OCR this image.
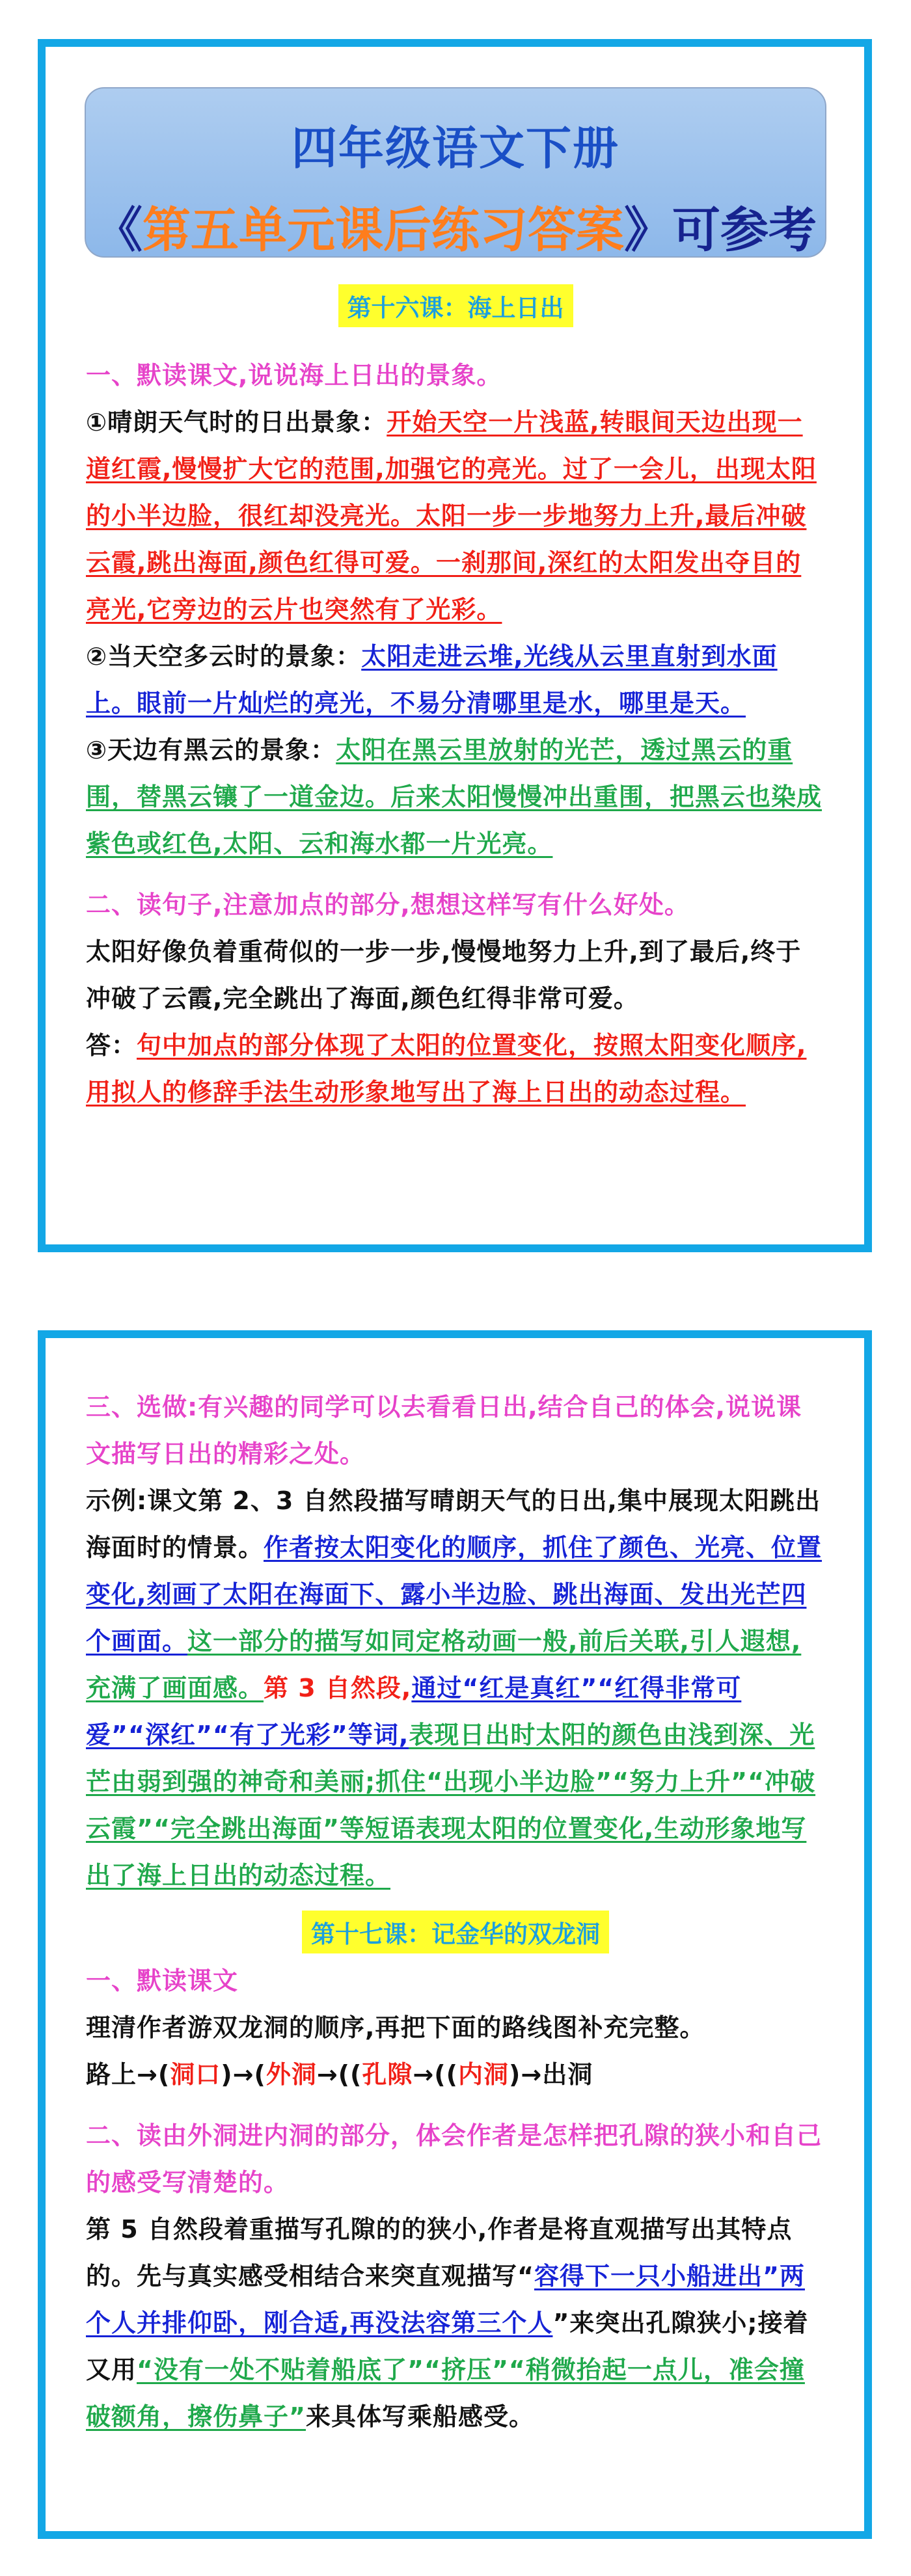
四年级语文下册
《第五单元课后练习答案》可参考
第十六课：海上日出
一、默读课文,说说海上日出的景象。
①晴朗天气时的日出景象：开始天空一片浅蓝,转眼间天边出现一道红霞,慢慢扩大它的范围,加强它的亮光。过了一会儿，出现太阳的小半边脸，很红却没亮光。太阳一步一步地努力上升,最后冲破云霞,跳出海面,颜色红得可爱。一刹那间,深红的太阳发出夺目的亮光,它旁边的云片也突然有了光彩。
②当天空多云时的景象：太阳走进云堆,光线从云里直射到水面上。眼前一片灿烂的亮光，不易分清哪里是水，哪里是天。
③天边有黑云的景象：太阳在黑云里放射的光芒，透过黑云的重围，替黑云镶了一道金边。后来太阳慢慢冲出重围，把黑云也染成紫色或红色,太阳、云和海水都一片光亮。
二、读句子,注意加点的部分,想想这样写有什么好处。
太阳好像负着重荷似的一步一步,慢慢地努力上升,到了最后,终于冲破了云霞,完全跳出了海面,颜色红得非常可爱。
答：句中加点的部分体现了太阳的位置变化，按照太阳变化顺序,用拟人的修辞手法生动形象地写出了海上日出的动态过程。
三、选做:有兴趣的同学可以去看看日出,结合自己的体会,说说课文描写日出的精彩之处。
示例:课文第 2、3 自然段描写晴朗天气的日出,集中展现太阳跳出海面时的情景。作者按太阳变化的顺序，抓住了颜色、光亮、位置变化,刻画了太阳在海面下、露小半边脸、跳出海面、发出光芒四个画面。这一部分的描写如同定格动画一般,前后关联,引人遐想,充满了画面感。第 3 自然段,通过“红是真红”“红得非常可爱”“深红”“有了光彩”等词,表现日出时太阳的颜色由浅到深、光芒由弱到强的神奇和美丽;抓住“出现小半边脸”“努力上升”“冲破云霞”“完全跳出海面”等短语表现太阳的位置变化,生动形象地写出了海上日出的动态过程。
第十七课：记金华的双龙洞
一、默读课文
理清作者游双龙洞的顺序,再把下面的路线图补充完整。
路上→(洞口)→(外洞→((孔隙→((内洞)→出洞
二、读由外洞进内洞的部分，体会作者是怎样把孔隙的狭小和自己的感受写清楚的。
第 5 自然段着重描写孔隙的的狭小,作者是将直观描写出其特点的。先与真实感受相结合来突直观描写“容得下一只小船进出”两个人并排仰卧，刚合适,再没法容第三个人”来突出孔隙狭小;接着又用“没有一处不贴着船底了”“挤压”“稍微抬起一点儿，准会撞破额角，擦伤鼻子”来具体写乘船感受。
